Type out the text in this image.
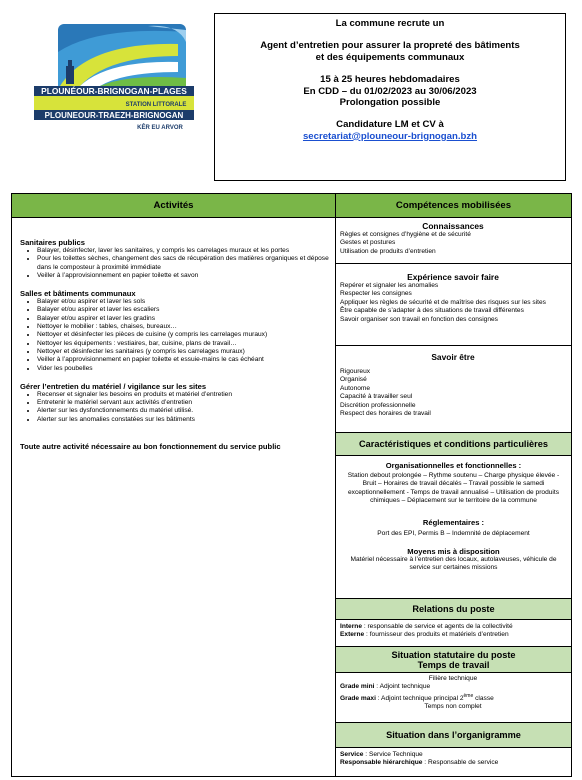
PLOUNÉOUR-BRIGNOGAN-PLAGES
STATION LITTORALE
PLOUNEOUR-TRAEZH-BRIGNOGAN
KÊR EU ARVOR
La commune recrute un
Agent d’entretien pour assurer la propreté des bâtiments
et des équipements communaux
15 à 25 heures hebdomadaires
En CDD – du 01/02/2023 au 30/06/2023
Prolongation possible
Candidature LM et CV à
secretariat@plouneour-brignogan.bzh
Activités

Sanitaires publics

• Balayer, désinfecter, laver les sanitaires, y compris les carrelages muraux et les portes
• Pour les toilettes sèches, changement des sacs de récupération des matières organiques et dépose dans le composteur à proximité immédiate
• Veiller à l’approvisionnement en papier toilette et savon

Salles et bâtiments communaux

• Balayer et/ou aspirer et laver les sols
• Balayer et/ou aspirer et laver les escaliers
• Balayer et/ou aspirer et laver les gradins
• Nettoyer le mobilier : tables, chaises, bureaux…
• Nettoyer et désinfecter les pièces de cuisine (y compris les carrelages muraux)
• Nettoyer les équipements : vestiaires, bar, cuisine, plans de travail…
• Nettoyer et désinfecter les sanitaires (y compris les carrelages muraux)
• Veiller à l’approvisionnement en papier toilette et essuie-mains le cas échéant
• Vider les poubelles

Gérer l’entretien du matériel / vigilance sur les sites

• Recenser et signaler les besoins en produits et matériel d’entretien
• Entretenir le matériel servant aux activités d’entretien
• Alerter sur les dysfonctionnements du matériel utilisé.
• Alerter sur les anomalies constatées sur les bâtiments

Toute autre activité nécessaire au bon fonctionnement du service public

Compétences mobilisées
Connaissances
Règles et consignes d’hygiène et de sécurité
Gestes et postures
Utilisation de produits d’entretien
Expérience savoir faire
Repérer et signaler les anomalies
Respecter les consignes
Appliquer les règles de sécurité et de maîtrise des risques sur les sites
Être capable de s’adapter à des situations de travail différentes
Savoir organiser son travail en fonction des consignes
Savoir être
Rigoureux
Organisé
Autonome
Capacité à travailler seul
Discrétion professionnelle
Respect des horaires de travail
Caractéristiques et conditions particulières
Organisationnelles et fonctionnelles :
Station debout prolongée – Rythme soutenu – Charge physique élevée - Bruit – Horaires de travail décalés – Travail possible le samedi exceptionnellement - Temps de travail annualisé – Utilisation de produits chimiques – Déplacement sur le territoire de la commune
Réglementaires :
Port des EPI, Permis B – Indemnité de déplacement
Moyens mis à disposition
Matériel nécessaire à l’entretien des locaux, autolaveuses, véhicule de service sur certaines missions
Relations du poste
Interne : responsable de service et agents de la collectivité
Externe : fournisseur des produits et matériels d’entretien
Situation statutaire du poste
Temps de travail
Filière technique
Grade mini : Adjoint technique
Grade maxi : Adjoint technique principal 2ème classe
Temps non complet
Situation dans l’organigramme
Service : Service Technique
Responsable hiérarchique : Responsable de service
